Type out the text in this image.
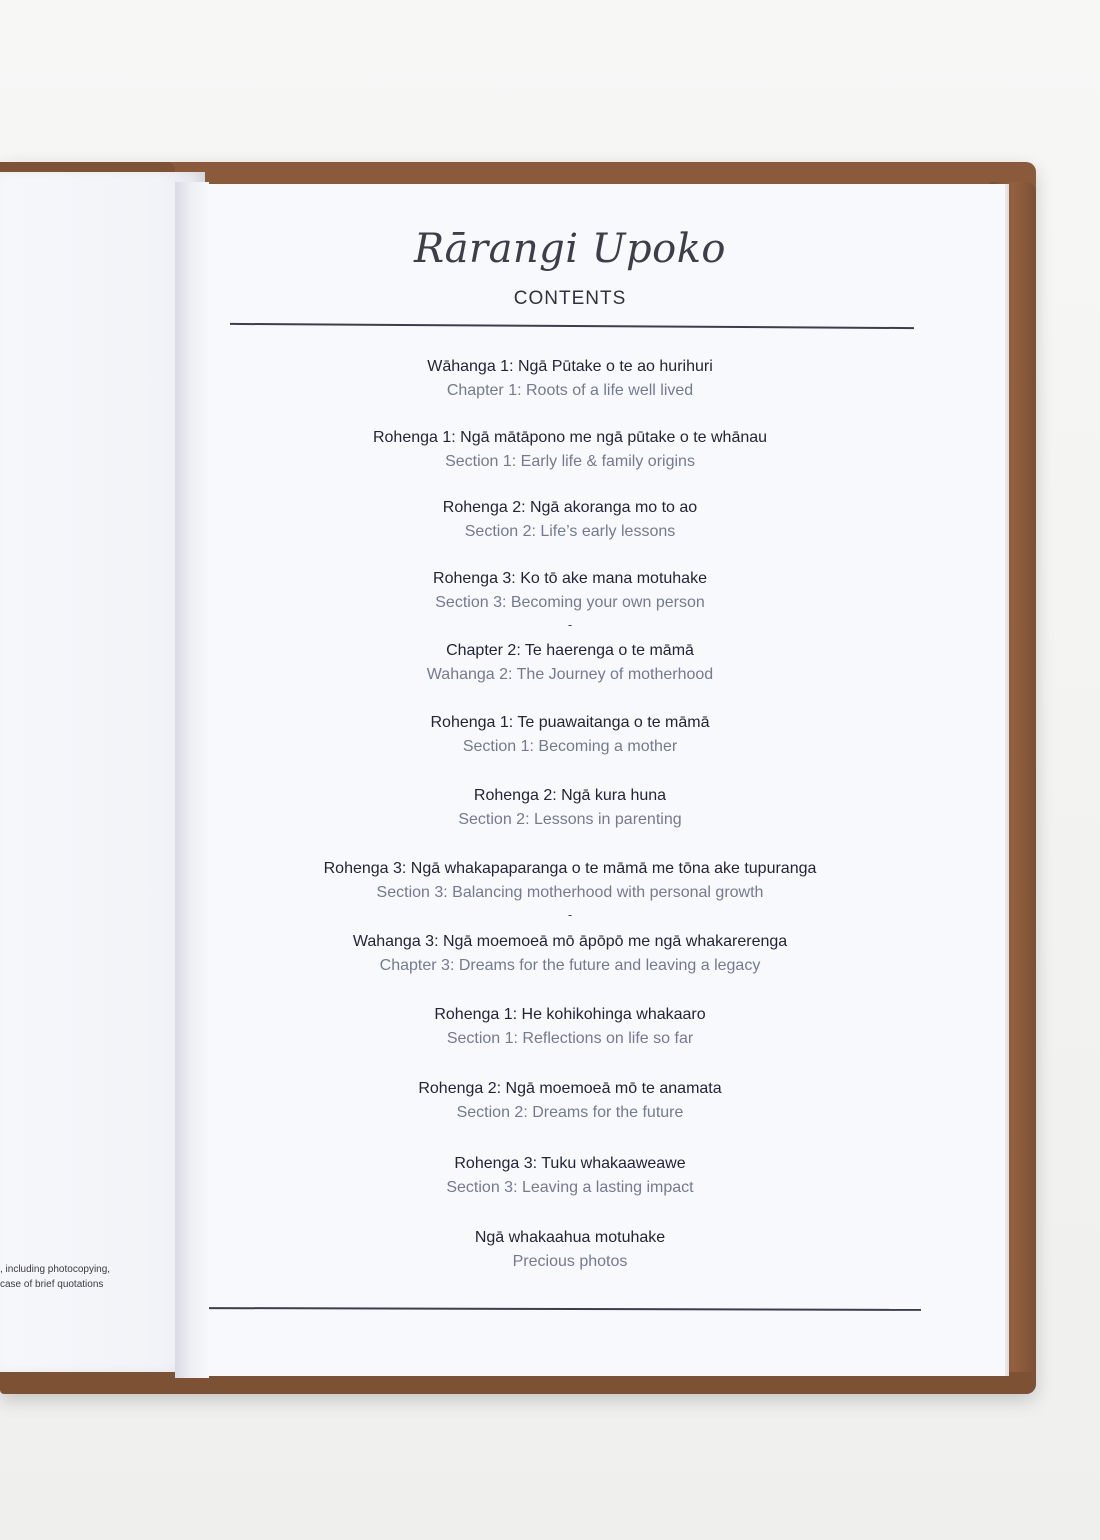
, including photocopying,
case of brief quotations
Rārangi Upoko
CONTENTS
Wāhanga 1: Ngā Pūtake o te ao hurihuri
Chapter 1: Roots of a life well lived
Rohenga 1: Ngā mātāpono me ngā pūtake o te whānau
Section 1: Early life & family origins
Rohenga 2: Ngā akoranga mo to ao
Section 2: Life’s early lessons
Rohenga 3: Ko tō ake mana motuhake
Section 3: Becoming your own person
-
Chapter 2: Te haerenga o te māmā
Wahanga 2: The Journey of motherhood
Rohenga 1: Te puawaitanga o te māmā
Section 1: Becoming a mother
Rohenga 2: Ngā kura huna
Section 2: Lessons in parenting
Rohenga 3: Ngā whakapaparanga o te māmā me tōna ake tupuranga
Section 3: Balancing motherhood with personal growth
-
Wahanga 3: Ngā moemoeā mō āpōpō me ngā whakarerenga
Chapter 3: Dreams for the future and leaving a legacy
Rohenga 1: He kohikohinga whakaaro
Section 1: Reflections on life so far
Rohenga 2: Ngā moemoeā mō te anamata
Section 2: Dreams for the future
Rohenga 3: Tuku whakaaweawe
Section 3: Leaving a lasting impact
Ngā whakaahua motuhake
Precious photos
